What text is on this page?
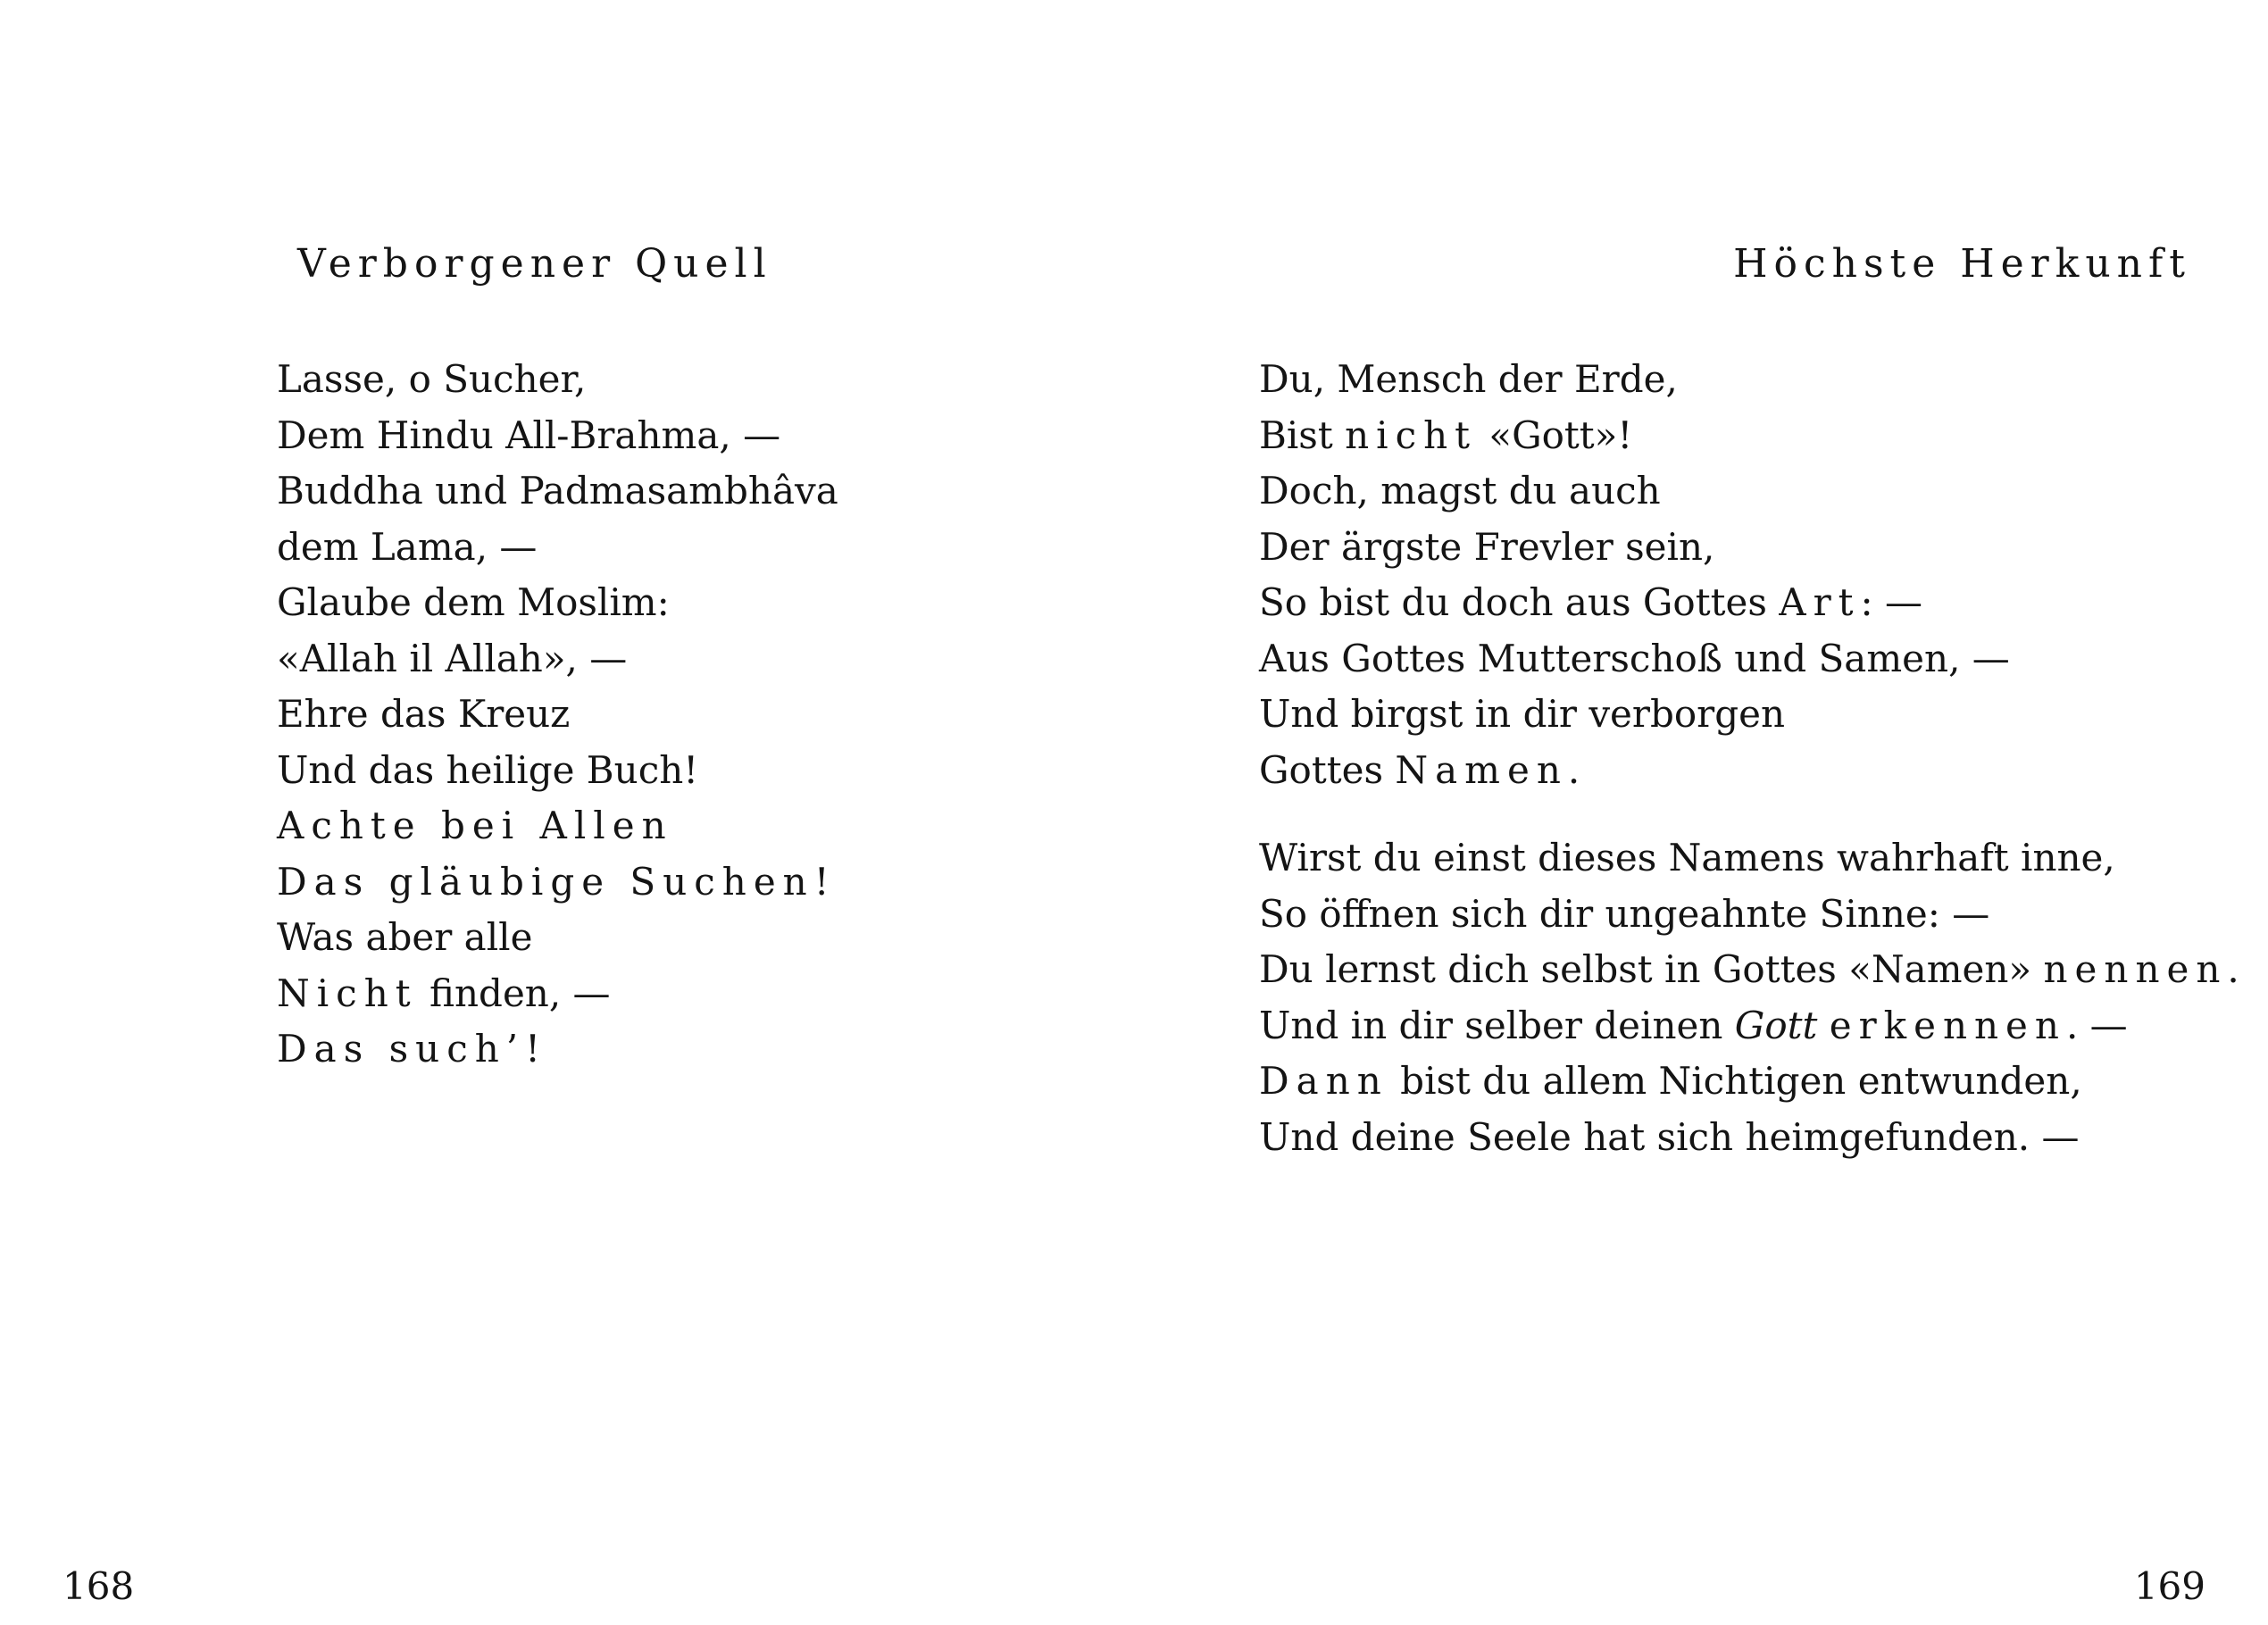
Verborgener Quell
Lasse, o Sucher,
Dem Hindu All-Brahma, —
Buddha und Padmasambhâva
dem Lama, —
Glaube dem Moslim:
«Allah il Allah», —
Ehre das Kreuz
Und das heilige Buch!
Achte bei Allen
Das gläubige Suchen!
Was aber alle
Nicht finden, —
Das such’!
168
Höchste Herkunft
Du, Mensch der Erde,
Bist nicht «Gott»!
Doch, magst du auch
Der ärgste Frevler sein,
So bist du doch aus Gottes Art: —
Aus Gottes Mutterschoß und Samen, —
Und birgst in dir verborgen
Gottes Namen.
Wirst du einst dieses Namens wahrhaft inne,
So öffnen sich dir ungeahnte Sinne: —
Du lernst dich selbst in Gottes «Namen» nennen.
Und in dir selber deinen Gott erkennen. —
Dann bist du allem Nichtigen entwunden,
Und deine Seele hat sich heimgefunden. —
169
